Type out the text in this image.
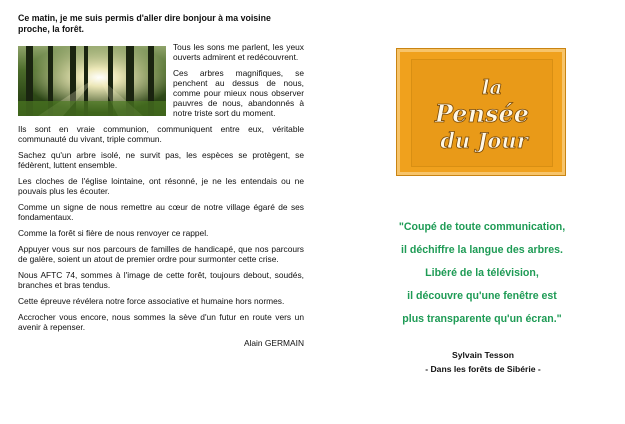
Ce matin, je me suis permis d'aller dire bonjour à ma voisine proche, la forêt.

Tous les sons me parlent, les yeux ouverts admirent et redécouvrent.

Ces arbres magnifiques, se penchent au dessus de nous, comme pour mieux nous observer pauvres de nous, abandonnés à notre triste sort du moment.

Ils sont en vraie communion, communiquent entre eux, véritable communauté du vivant, triple commun.

Sachez qu'un arbre isolé, ne survit pas, les espèces se protègent, se fédèrent, luttent ensemble.

Les cloches de l'église lointaine, ont résonné, je ne les entendais ou ne pouvais plus les écouter.

Comme un signe de nous remettre au cœur de notre village égaré de ses fondamentaux.

Comme la forêt si fière de nous renvoyer ce rappel.

Appuyer vous sur nos parcours de familles de handicapé, que nos parcours de galère, soient un atout de premier ordre pour surmonter cette crise.

Nous AFTC 74, sommes à l'image de cette forêt, toujours debout, soudés, branches et bras tendus.

Cette épreuve révélera notre force associative et humaine hors normes.

Accrocher vous encore, nous sommes la sève d'un futur en route vers un avenir à repenser.

Alain GERMAIN
la
Pensée
du Jour
"Coupé de toute communication,
il déchiffre la langue des arbres.
Libéré de la télévision,
il découvre qu'une fenêtre est
plus transparente qu'un écran."
Sylvain Tesson
- Dans les forêts de Sibérie -
